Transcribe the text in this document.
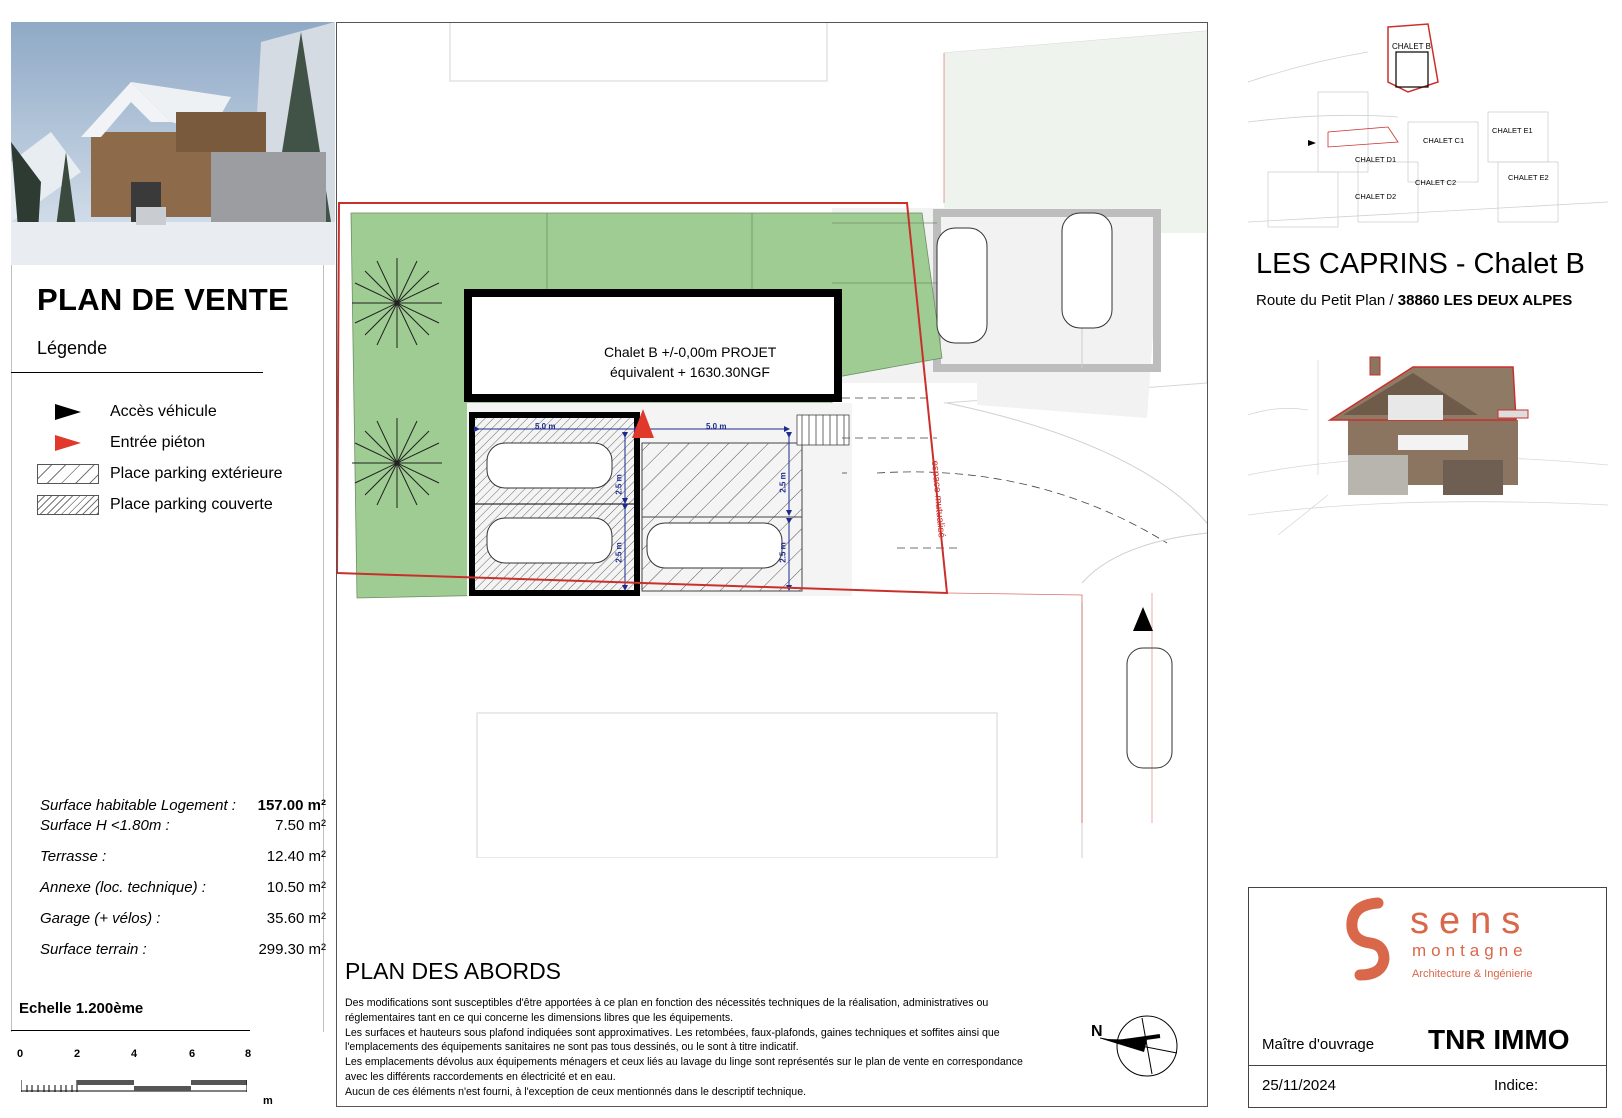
PLAN DE VENTE
Légende
Accès véhicule
Entrée piéton
Place parking extérieure
Place parking couverte
Surface habitable Logement : 157.00 m²
Surface H <1.80m :	7.50 m²
Terrasse :	12.40 m²
Annexe (loc. technique) :	10.50 m²
Garage (+ vélos) :	35.60 m²
Surface terrain :	299.30 m²
Echelle 1.200ème
0	2	4	6	8
m
Chalet B +/-0,00m PROJET
équivalent + 1630.30NGF
5.0 m	5.0 m
2.5 m
2.5 m
2.5 m
2.5 m
espace mutualisé
PLAN DES ABORDS

Des modifications sont susceptibles d'être apportées à ce plan en fonction des nécessités techniques de la réalisation, administratives ou réglementaires tant en ce qui concerne les dimensions libres que les équipements.

Les surfaces et hauteurs sous plafond indiquées sont approximatives. Les retombées, faux-plafonds, gaines techniques et soffites ainsi que l'emplacements des équipements sanitaires ne sont pas tous dessinés, ou le sont à titre indicatif.

Les emplacements dévolus aux équipements ménagers et ceux liés au lavage du linge sont représentés sur le plan de vente en correspondance avec les différents raccordements en électricité et en eau.

Aucun de ces éléments n'est fourni, à l'exception de ceux mentionnés dans le descriptif technique.

N
CHALET B
CHALET C1
CHALET D1
CHALET C2
CHALET D2
CHALET E1
CHALET E2
LES CAPRINS - Chalet B
Route du Petit Plan / 38860 LES DEUX ALPES
sens
montagne
Architecture & Ingénierie
Maître d'ouvrage TNR IMMO
25/11/2024	Indice:
